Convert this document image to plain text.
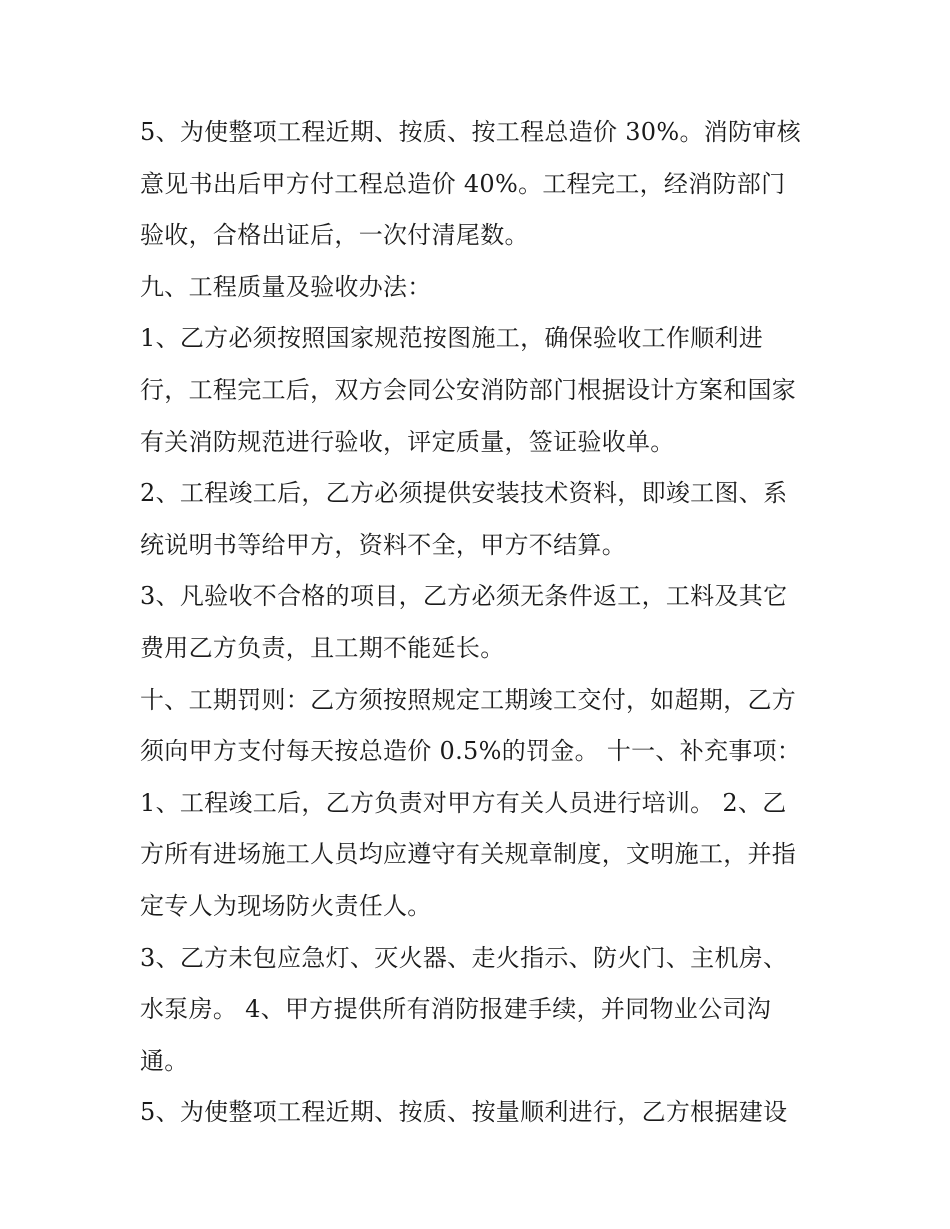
5、为使整项工程近期、按质、按工程总造价 30%。消防审核
意见书出后甲方付工程总造价 40%。工程完工，经消防部门
验收，合格出证后，一次付清尾数。
九、工程质量及验收办法：
1、乙方必须按照国家规范按图施工，确保验收工作顺利进
行，工程完工后，双方会同公安消防部门根据设计方案和国家
有关消防规范进行验收，评定质量，签证验收单。
2、工程竣工后，乙方必须提供安装技术资料，即竣工图、系
统说明书等给甲方，资料不全，甲方不结算。
3、凡验收不合格的项目，乙方必须无条件返工，工料及其它
费用乙方负责，且工期不能延长。
十、工期罚则：乙方须按照规定工期竣工交付，如超期，乙方
须向甲方支付每天按总造价 0.5%的罚金。 十一、补充事项：
1、工程竣工后，乙方负责对甲方有关人员进行培训。 2、乙
方所有进场施工人员均应遵守有关规章制度，文明施工，并指
定专人为现场防火责任人。
3、乙方未包应急灯、灭火器、走火指示、防火门、主机房、
水泵房。 4、甲方提供所有消防报建手续，并同物业公司沟
通。
5、为使整项工程近期、按质、按量顺利进行，乙方根据建设
